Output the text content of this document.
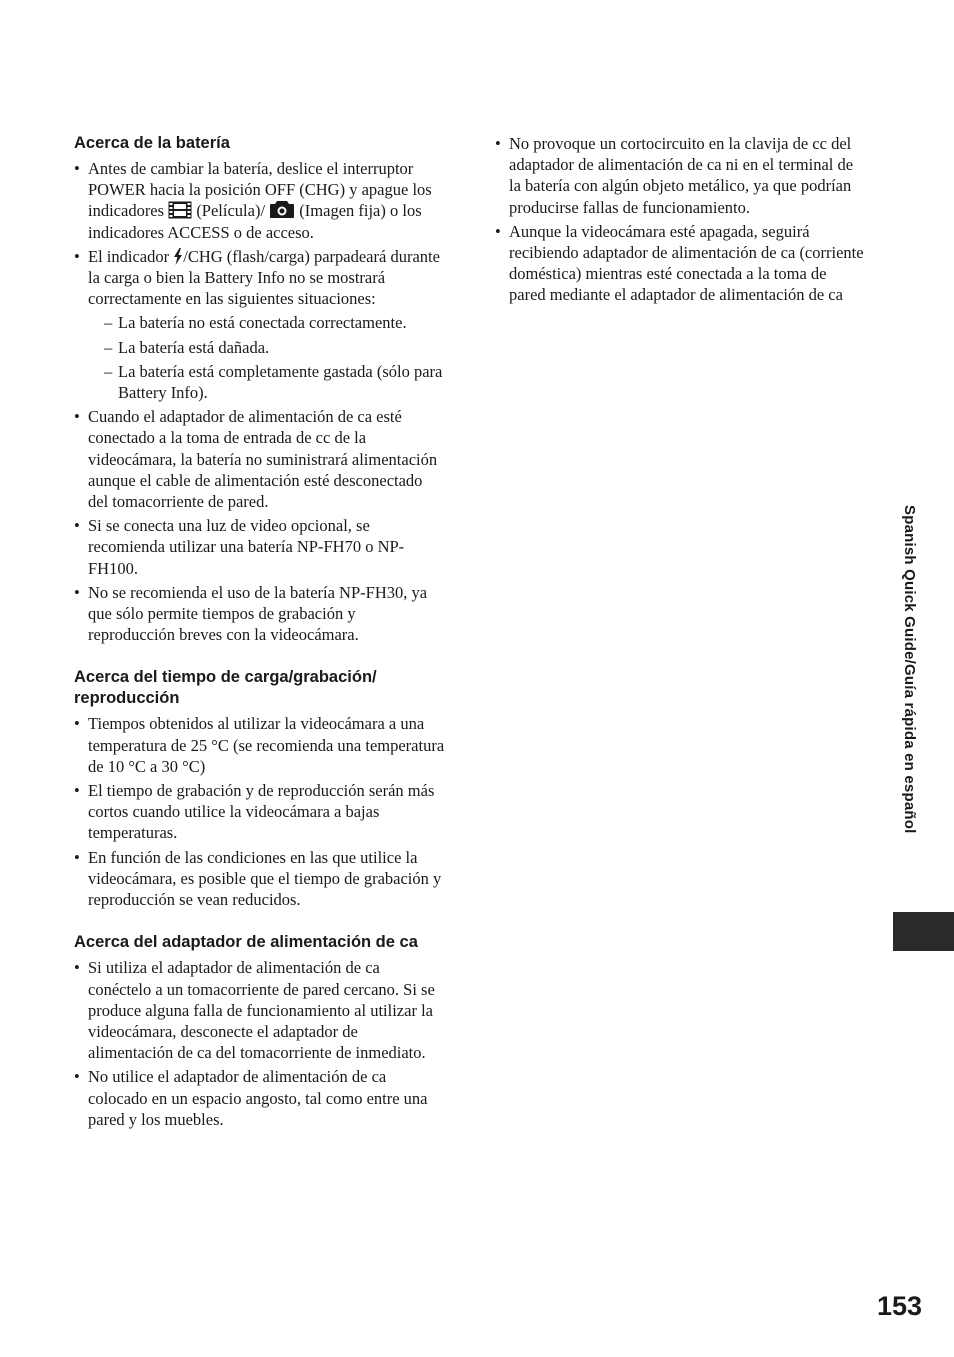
Acerca de la batería
• Antes de cambiar la batería, deslice el interruptor POWER hacia la posición OFF (CHG) y apague los indicadores (Película)/ (Imagen fija) o los indicadores ACCESS o de acceso.
• El indicador /CHG (flash/carga) parpadeará durante la carga o bien la Battery Info no se mostrará correctamente en las siguientes situaciones:
– La batería no está conectada correctamente.
– La batería está dañada.
– La batería está completamente gastada (sólo para Battery Info).
• Cuando el adaptador de alimentación de ca esté conectado a la toma de entrada de cc de la videocámara, la batería no suministrará alimentación aunque el cable de alimentación esté desconectado del tomacorriente de pared.
• Si se conecta una luz de video opcional, se recomienda utilizar una batería NP-FH70 o NP-FH100.
• No se recomienda el uso de la batería NP-FH30, ya que sólo permite tiempos de grabación y reproducción breves con la videocámara.
Acerca del tiempo de carga/grabación/ reproducción
• Tiempos obtenidos al utilizar la videocámara a una temperatura de 25 °C (se recomienda una temperatura de 10 °C a 30 °C)
• El tiempo de grabación y de reproducción serán más cortos cuando utilice la videocámara a bajas temperaturas.
• En función de las condiciones en las que utilice la videocámara, es posible que el tiempo de grabación y reproducción se vean reducidos.
Acerca del adaptador de alimentación de ca
• Si utiliza el adaptador de alimentación de ca conéctelo a un tomacorriente de pared cercano. Si se produce alguna falla de funcionamiento al utilizar la videocámara, desconecte el adaptador de alimentación de ca del tomacorriente de inmediato.
• No utilice el adaptador de alimentación de ca colocado en un espacio angosto, tal como entre una pared y los muebles.
• No provoque un cortocircuito en la clavija de cc del adaptador de alimentación de ca ni en el terminal de la batería con algún objeto metálico, ya que podrían producirse fallas de funcionamiento.
• Aunque la videocámara esté apagada, seguirá recibiendo adaptador de alimentación de ca (corriente doméstica) mientras esté conectada a la toma de pared mediante el adaptador de alimentación de ca
Spanish Quick Guide/Guía rápida en español
153
